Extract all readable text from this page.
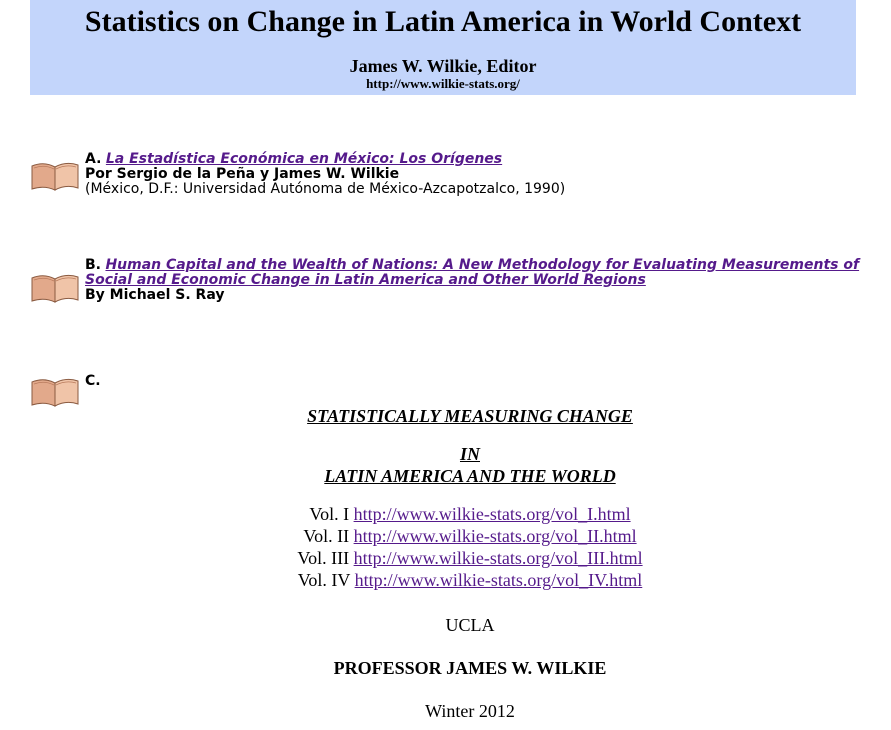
Statistics on Change in Latin America in World Context
James W. Wilkie, Editor
http://www.wilkie-stats.org/
A. La Estadística Económica en México: Los Orígenes
Por Sergio de la Peña y James W. Wilkie
(México, D.F.: Universidad Autónoma de México-Azcapotzalco, 1990)
B. Human Capital and the Wealth of Nations: A New Methodology for Evaluating Measurements of Social and Economic Change in Latin America and Other World Regions
By Michael S. Ray
C.
STATISTICALLY MEASURING CHANGE
IN
LATIN AMERICA AND THE WORLD
Vol. I http://www.wilkie-stats.org/vol_I.html
Vol. II http://www.wilkie-stats.org/vol_II.html
Vol. III http://www.wilkie-stats.org/vol_III.html
Vol. IV http://www.wilkie-stats.org/vol_IV.html
UCLA
PROFESSOR JAMES W. WILKIE
Winter 2012
